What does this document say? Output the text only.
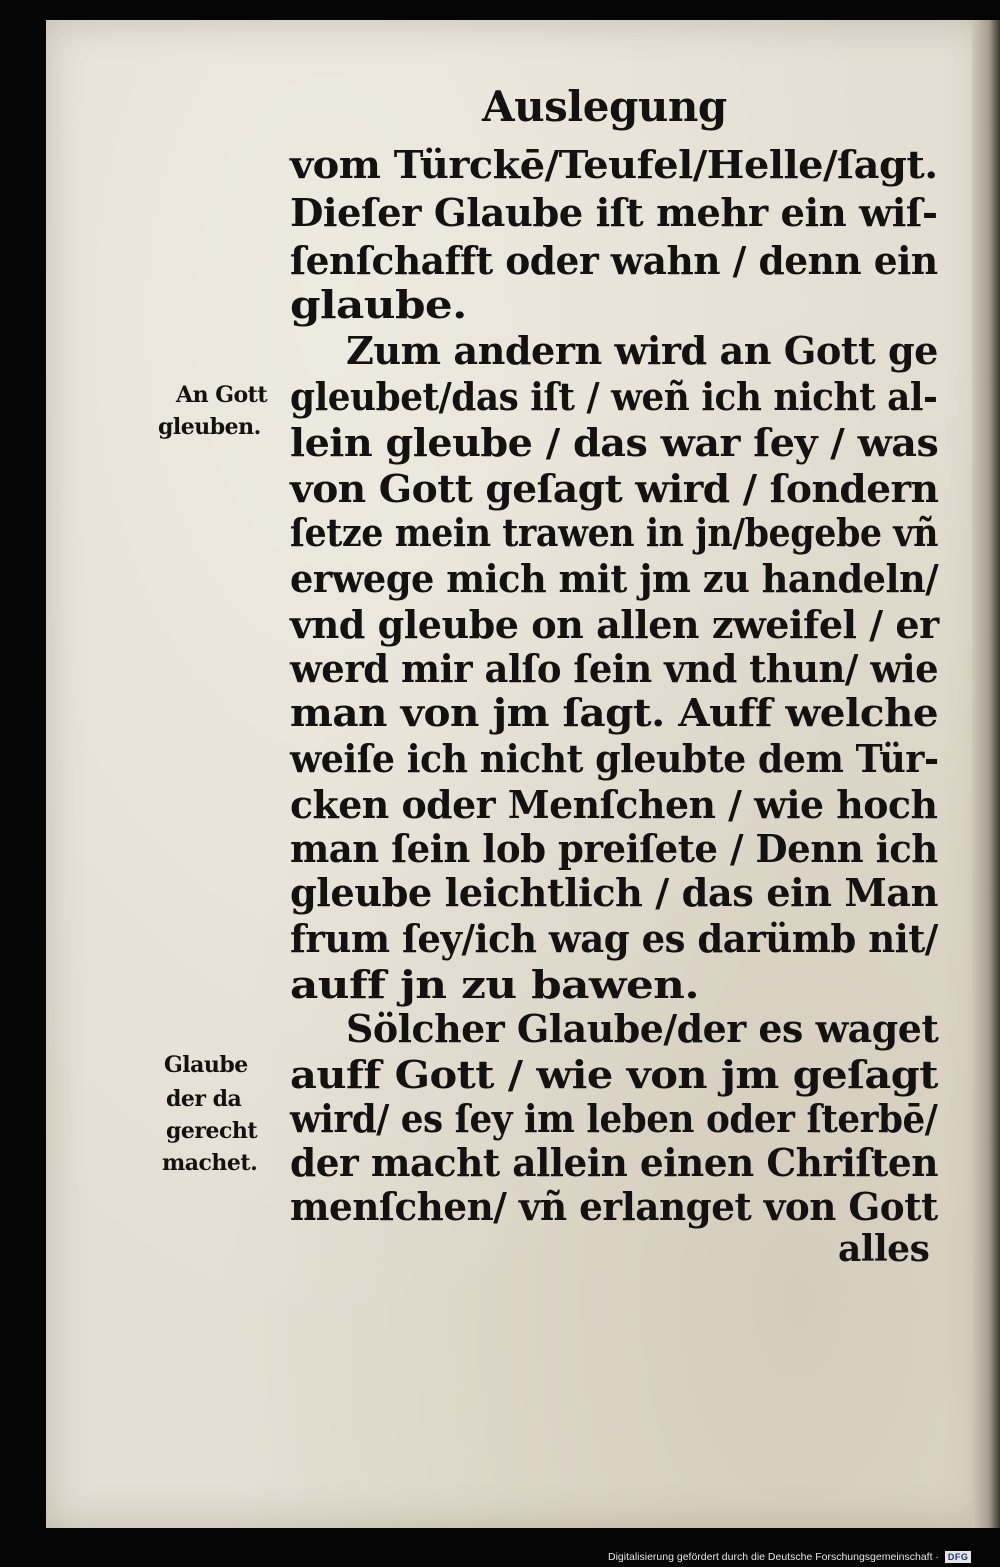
Auslegung
vom Türckē/Teufel/Helle/ſagt.
Dieſer Glaube iſt mehr ein wiſ-
ſenſchafft oder wahn / denn ein
glaube.
Zum andern wird an Gott ge
gleubet/das iſt / weñ ich nicht al-
lein gleube / das war ſey / was
von Gott geſagt wird / ſondern
ſetze mein trawen in jn/begebe vñ
erwege mich mit jm zu handeln/
vnd gleube on allen zweifel / er
werd mir alſo ſein vnd thun/ wie
man von jm ſagt. Auff welche
weiſe ich nicht gleubte dem Tür-
cken oder Menſchen / wie hoch
man ſein lob preiſete / Denn ich
gleube leichtlich / das ein Man
frum ſey/ich wag es darümb nit/
auff jn zu bawen.
Sölcher Glaube/der es waget
auff Gott / wie von jm geſagt
wird/ es ſey im leben oder ſterbē/
der macht allein einen Chriſten
menſchen/ vñ erlanget von Gott
alles
An Gott
gleuben.
Glaube
der da
gerecht
machet.
Digitalisierung gefördert durch die Deutsche Forschungsgemeinschaft ·	DFG
